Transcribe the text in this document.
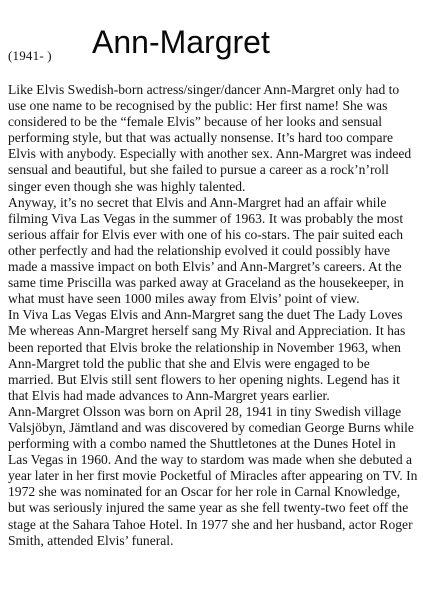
(1941- ) Ann-Margret

Like Elvis Swedish-born actress/singer/dancer Ann-Margret only had to use one name to be recognised by the public: Her first name! She was considered to be the “female Elvis” because of her looks and sensual performing style, but that was actually nonsense. It’s hard too compare Elvis with anybody. Especially with another sex. Ann-Margret was indeed sensual and beautiful, but she failed to pursue a career as a rock’n’roll singer even though she was highly talented.

Anyway, it’s no secret that Elvis and Ann-Margret had an affair while filming Viva Las Vegas in the summer of 1963. It was probably the most serious affair for Elvis ever with one of his co-stars. The pair suited each other perfectly and had the relationship evolved it could possibly have made a massive impact on both Elvis’ and Ann-Margret’s careers. At the same time Priscilla was parked away at Graceland as the housekeeper, in what must have seen 1000 miles away from Elvis’ point of view.

In Viva Las Vegas Elvis and Ann-Margret sang the duet The Lady Loves Me whereas Ann-Margret herself sang My Rival and Appreciation. It has been reported that Elvis broke the relationship in November 1963, when Ann-Margret told the public that she and Elvis were engaged to be married. But Elvis still sent flowers to her opening nights. Legend has it that Elvis had made advances to Ann-Margret years earlier.

Ann-Margret Olsson was born on April 28, 1941 in tiny Swedish village Valsjöbyn, Jämtland and was discovered by comedian George Burns while performing with a combo named the Shuttletones at the Dunes Hotel in Las Vegas in 1960. And the way to stardom was made when she debuted a year later in her first movie Pocketful of Miracles after appearing on TV. In 1972 she was nominated for an Oscar for her role in Carnal Knowledge, but was seriously injured the same year as she fell twenty-two feet off the stage at the Sahara Tahoe Hotel. In 1977 she and her husband, actor Roger Smith, attended Elvis’ funeral.
